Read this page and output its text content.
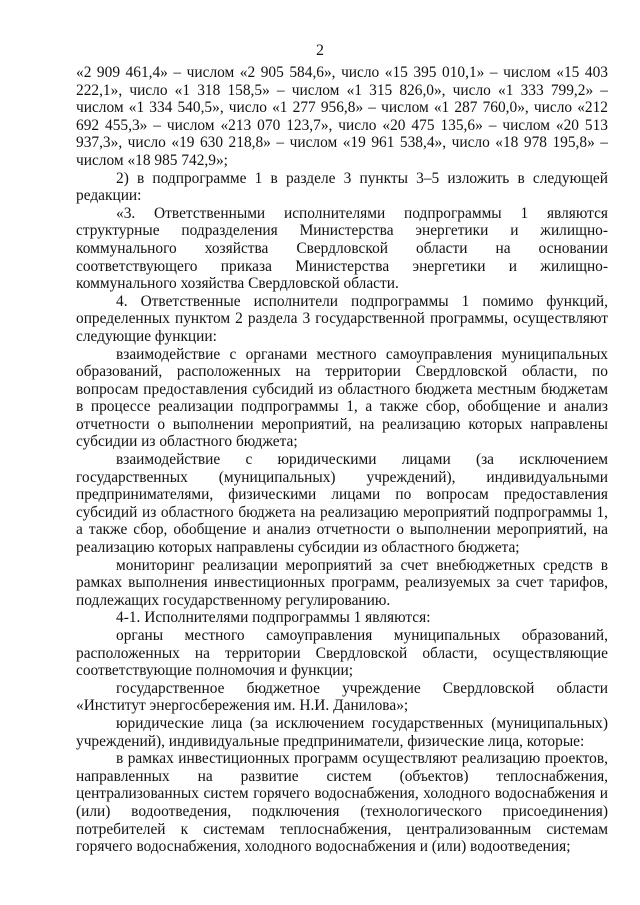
2

«2 909 461,4» – числом «2 905 584,6», число «15 395 010,1» – числом «15 403 222,1», число «1 318 158,5» – числом «1 315 826,0», число «1 333 799,2» – числом «1 334 540,5», число «1 277 956,8» – числом «1 287 760,0», число «212 692 455,3» – числом «213 070 123,7», число «20 475 135,6» – числом «20 513 937,3», число «19 630 218,8» – числом «19 961 538,4», число «18 978 195,8» – числом «18 985 742,9»;

2) в подпрограмме 1 в разделе 3 пункты 3–5 изложить в следующей редакции:

«3. Ответственными исполнителями подпрограммы 1 являются структурные подразделения Министерства энергетики и жилищно-коммунального хозяйства Свердловской области на основании соответствующего приказа Министерства энергетики и жилищно-коммунального хозяйства Свердловской области.

4. Ответственные исполнители подпрограммы 1 помимо функций, определенных пунктом 2 раздела 3 государственной программы, осуществляют следующие функции:

взаимодействие с органами местного самоуправления муниципальных образований, расположенных на территории Свердловской области, по вопросам предоставления субсидий из областного бюджета местным бюджетам в процессе реализации подпрограммы 1, а также сбор, обобщение и анализ отчетности о выполнении мероприятий, на реализацию которых направлены субсидии из областного бюджета;

взаимодействие с юридическими лицами (за исключением государственных (муниципальных) учреждений), индивидуальными предпринимателями, физическими лицами по вопросам предоставления субсидий из областного бюджета на реализацию мероприятий подпрограммы 1, а также сбор, обобщение и анализ отчетности о выполнении мероприятий, на реализацию которых направлены субсидии из областного бюджета;

мониторинг реализации мероприятий за счет внебюджетных средств в рамках выполнения инвестиционных программ, реализуемых за счет тарифов, подлежащих государственному регулированию.

4-1. Исполнителями подпрограммы 1 являются:

органы местного самоуправления муниципальных образований, расположенных на территории Свердловской области, осуществляющие соответствующие полномочия и функции;

государственное бюджетное учреждение Свердловской области «Институт энергосбережения им. Н.И. Данилова»;

юридические лица (за исключением государственных (муниципальных) учреждений), индивидуальные предприниматели, физические лица, которые:

в рамках инвестиционных программ осуществляют реализацию проектов, направленных на развитие систем (объектов) теплоснабжения, централизованных систем горячего водоснабжения, холодного водоснабжения и (или) водоотведения, подключения (технологического присоединения) потребителей к системам теплоснабжения, централизованным системам горячего водоснабжения, холодного водоснабжения и (или) водоотведения;
